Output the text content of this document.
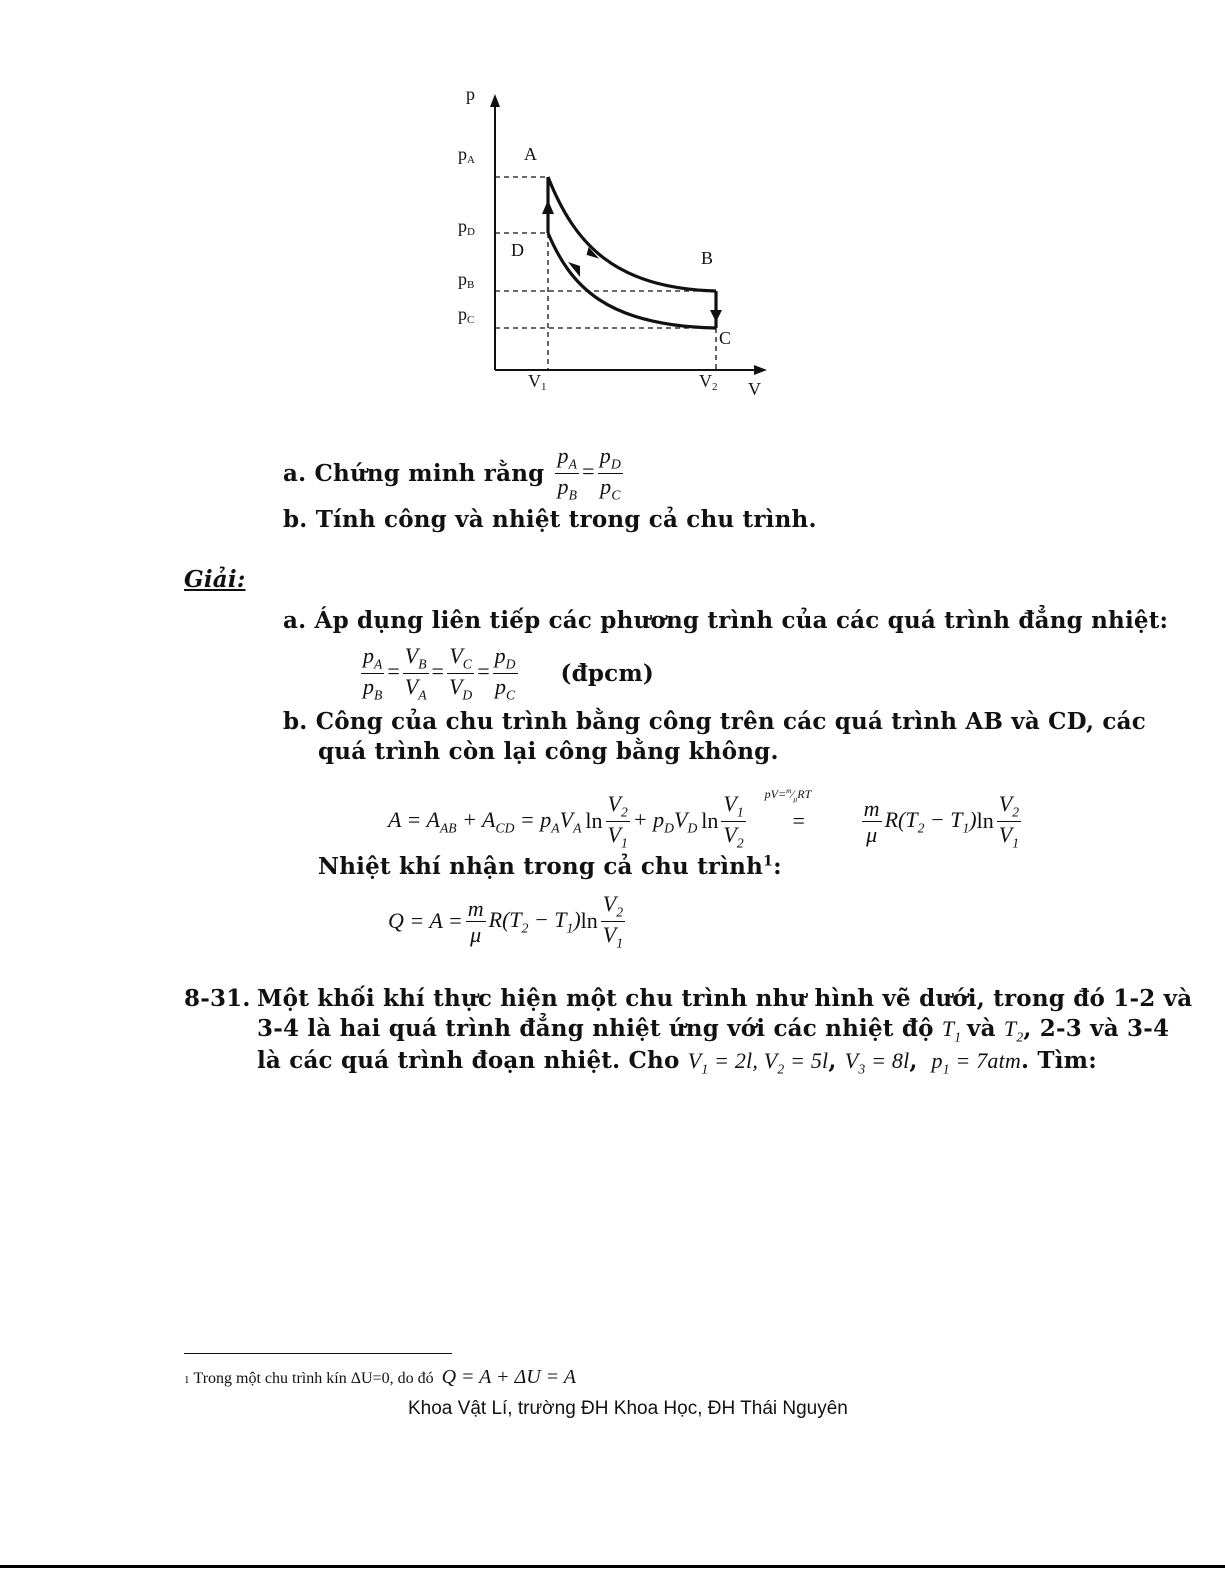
p
V
pA
pD
pB
pC
A
D	B
C
V1	V2
a. Chứng minh rằng $\frac{p_A}{p_B} = \frac{p_D}{p_C}$
b. Tính công và nhiệt trong cả chu trình.
Giải:
a. Áp dụng liên tiếp các phương trình của các quá trình đẳng nhiệt:
$\frac{p_A}{p_B} = \frac{V_B}{V_A} = \frac{V_C}{V_D} = \frac{p_D}{p_C}$ (đpcm)
b. Công của chu trình bằng công trên các quá trình AB và CD, các
quá trình còn lại công bằng không.
$A = A_{AB} + A_{CD} = p_AV_A$ $\ln \frac{V_2}{V_1} + p_DV_D$ $\ln \frac{V_1}{V_2}$ $pV=^m⁄_\mu RT$
=	$\frac{m}{\mu} R(T_2 - T_1)$ $\ln \frac{V_2}{V_1}$
Nhiệt khí nhận trong cả chu trình$^1$:
$Q = A = \frac{m}{\mu} R(T_2 - T_1)$ $\ln \frac{V_2}{V_1}$
8-31. Một khối khí thực hiện một chu trình như hình vẽ dưới, trong đó 1-2 và
3-4 là hai quá trình đẳng nhiệt ứng với các nhiệt độ $T_1$ và $T_2$, 2-3 và 3-4
là các quá trình đoạn nhiệt. Cho $V_1 = 2l$, $V_2 = 5l$, $V_3 = 8l$,  $p_1 = 7atm$. Tìm:
1 Trong một chu trình kín ΔU=0, do đó Q = A + ΔU = A
Khoa Vật Lí, trường ĐH Khoa Học, ĐH Thái Nguyên
